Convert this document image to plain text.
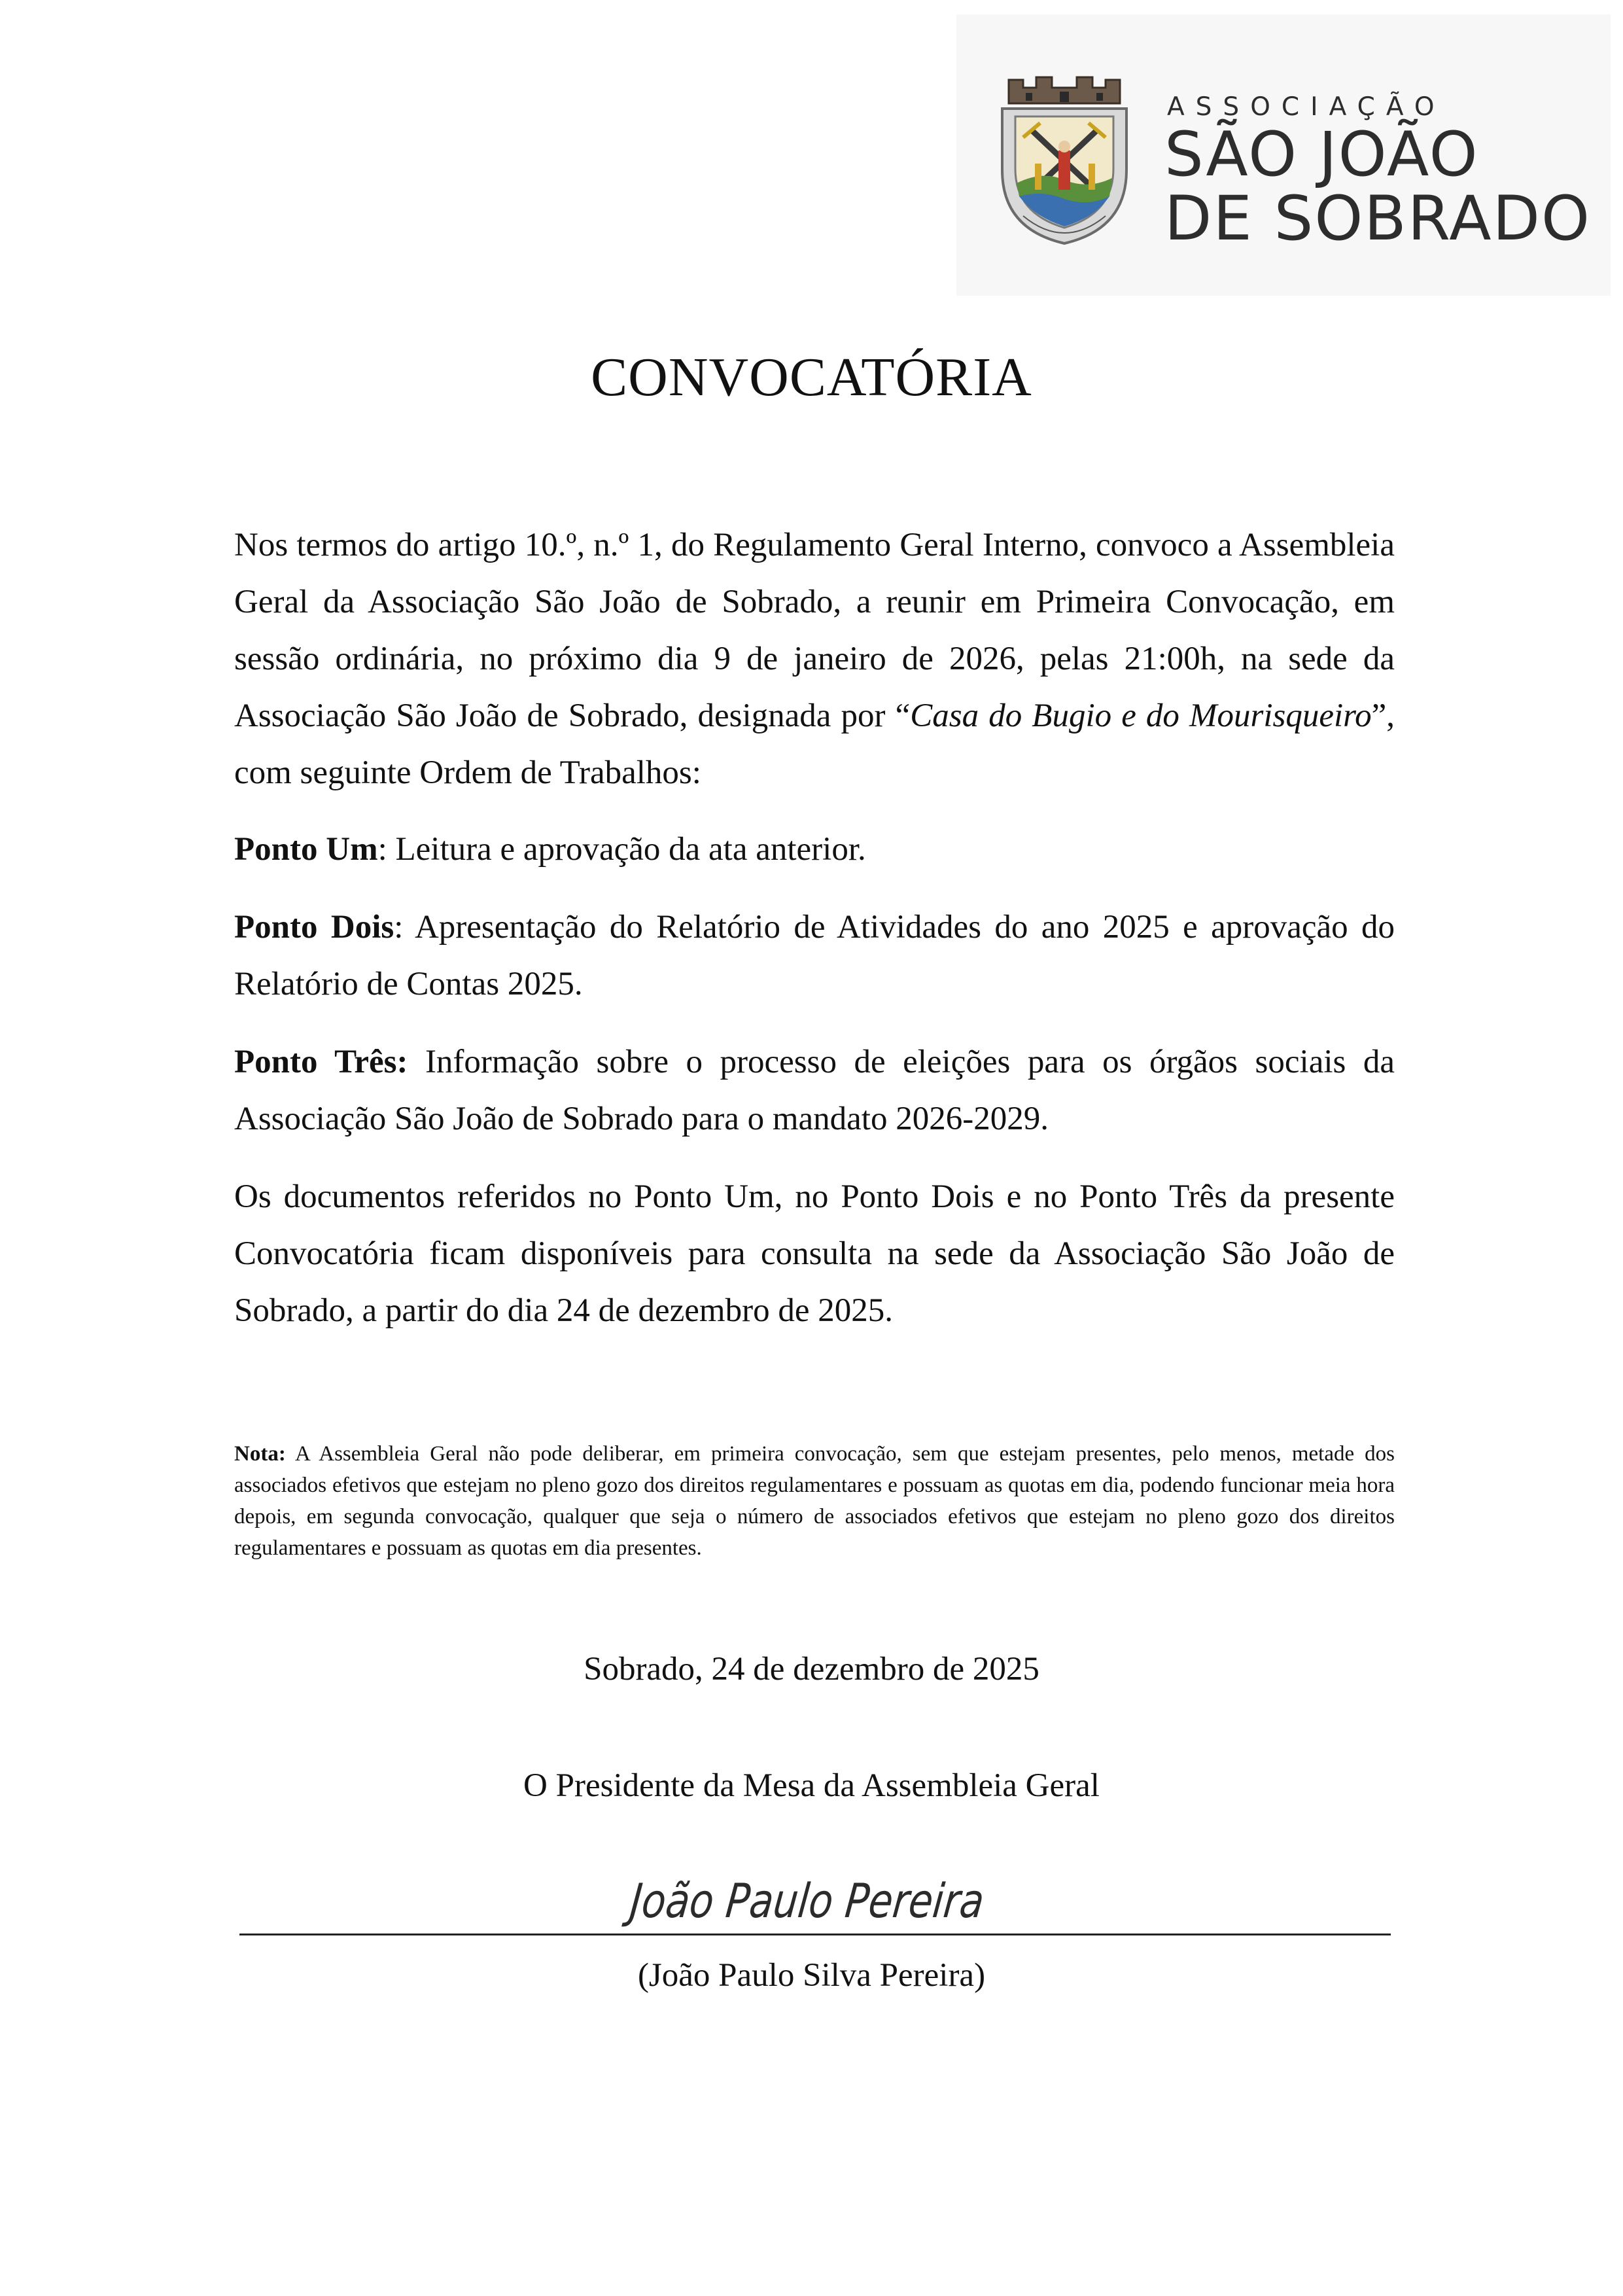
ASSOCIAÇÃO
SÃO JOÃO
DE SOBRADO
CONVOCATÓRIA

Nos termos do artigo 10.º, n.º 1, do Regulamento Geral Interno, convoco a Assembleia Geral da Associação São João de Sobrado, a reunir em Primeira Convocação, em sessão ordinária, no próximo dia 9 de janeiro de 2026, pelas 21:00h, na sede da Associação São João de Sobrado, designada por “Casa do Bugio e do Mourisqueiro”, com seguinte Ordem de Trabalhos:

Ponto Um: Leitura e aprovação da ata anterior.

Ponto Dois: Apresentação do Relatório de Atividades do ano 2025 e aprovação do Relatório de Contas 2025.

Ponto Três: Informação sobre o processo de eleições para os órgãos sociais da Associação São João de Sobrado para o mandato 2026-2029.

Os documentos referidos no Ponto Um, no Ponto Dois e no Ponto Três da presente Convocatória ficam disponíveis para consulta na sede da Associação São João de Sobrado, a partir do dia 24 de dezembro de 2025.

Nota: A Assembleia Geral não pode deliberar, em primeira convocação, sem que estejam presentes, pelo menos, metade dos associados efetivos que estejam no pleno gozo dos direitos regulamentares e possuam as quotas em dia, podendo funcionar meia hora depois, em segunda convocação, qualquer que seja o número de associados efetivos que estejam no pleno gozo dos direitos regulamentares e possuam as quotas em dia presentes.
Sobrado, 24 de dezembro de 2025
O Presidente da Mesa da Assembleia Geral
João Paulo Pereira
(João Paulo Silva Pereira)
